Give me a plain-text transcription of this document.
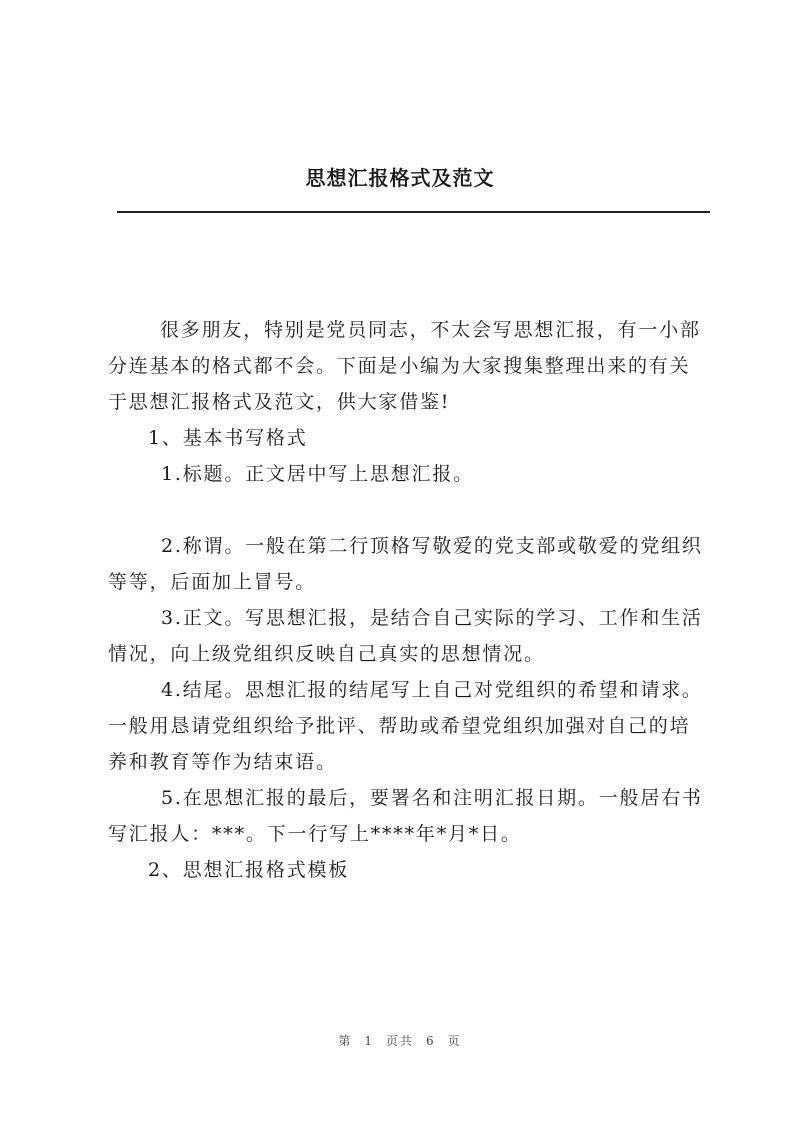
思想汇报格式及范文

很多朋友，特别是党员同志，不太会写思想汇报，有一小部分连基本的格式都不会。下面是小编为大家搜集整理出来的有关于思想汇报格式及范文，供大家借鉴!

1、基本书写格式

1.标题。正文居中写上思想汇报。

2.称谓。一般在第二行顶格写敬爱的党支部或敬爱的党组织等等，后面加上冒号。

3.正文。写思想汇报，是结合自己实际的学习、工作和生活情况，向上级党组织反映自己真实的思想情况。

4.结尾。思想汇报的结尾写上自己对党组织的希望和请求。一般用恳请党组织给予批评、帮助或希望党组织加强对自己的培养和教育等作为结束语。

5.在思想汇报的最后，要署名和注明汇报日期。一般居右书写汇报人：***。下一行写上****年*月*日。

2、思想汇报格式模板

第 1 页共 6 页
